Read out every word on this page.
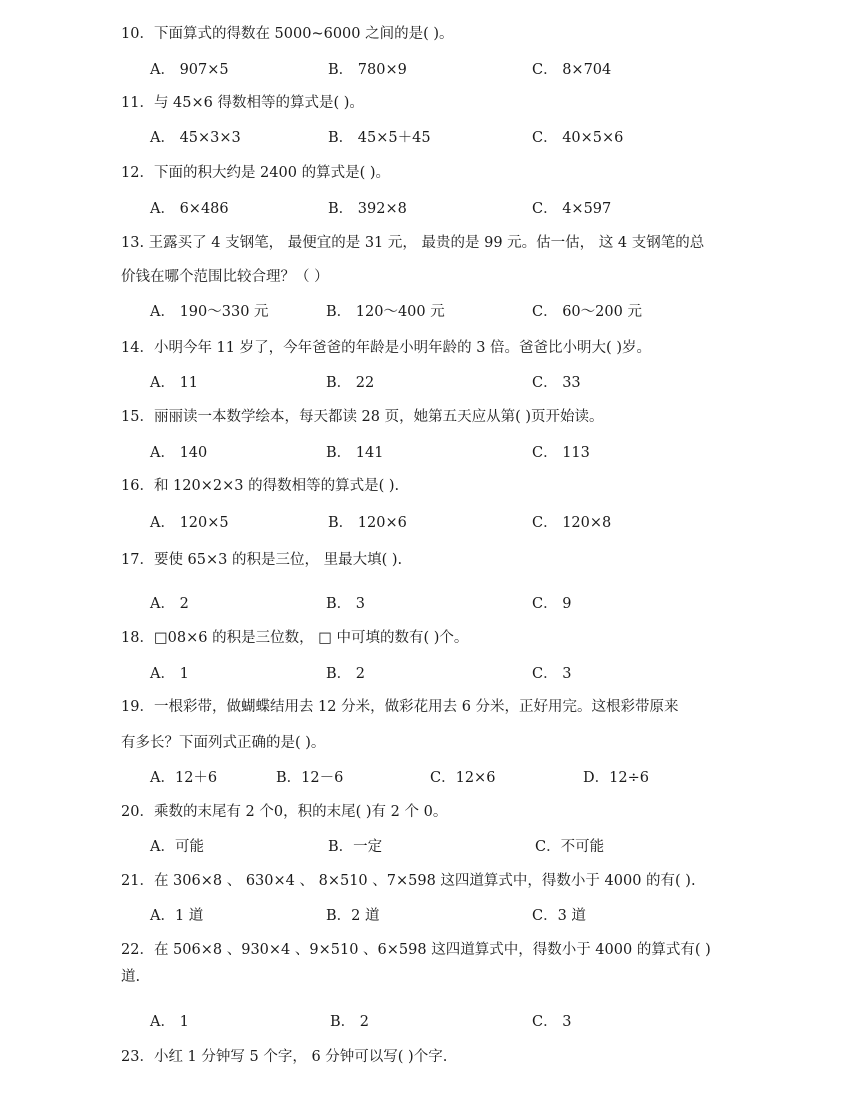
10．下面算式的得数在 5000~6000 之间的是( )。
A． 907×5	B． 780×9	C． 8×704
11．与 45×6 得数相等的算式是( )。
A． 45×3×3	B． 45×5＋45	C． 40×5×6
12．下面的积大约是 2400 的算式是( )。
A． 6×486	B． 392×8	C． 4×597
13. 王露买了 4 支钢笔， 最便宜的是 31 元， 最贵的是 99 元。估一估， 这 4 支钢笔的总
价钱在哪个范围比较合理？（ ）
A． 190～330 元	B． 120～400 元	C． 60～200 元
14．小明今年 11 岁了，今年爸爸的年龄是小明年龄的 3 倍。爸爸比小明大( )岁。
A． 11	B． 22	C． 33
15．丽丽读一本数学绘本，每天都读 28 页，她第五天应从第( )页开始读。
A． 140	B． 141	C． 113
16．和 120×2×3 的得数相等的算式是( ).
A． 120×5	B． 120×6	C． 120×8
17．要使 65×3 的积是三位， 里最大填( ).
A． 2	B． 3	C． 9
18．□08×6 的积是三位数， □ 中可填的数有( )个。
A． 1	B． 2	C． 3
19．一根彩带，做蝴蝶结用去 12 分米，做彩花用去 6 分米，正好用完。这根彩带原来
有多长？下面列式正确的是( )。
A．12＋6	B．12－6	C．12×6	D．12÷6
20．乘数的末尾有 2 个0，积的末尾( )有 2 个 0。
A．可能	B．一定	C．不可能
21．在 306×8 、 630×4 、 8×510 、7×598 这四道算式中，得数小于 4000 的有( ).
A．1 道	B．2 道	C．3 道
22．在 506×8 、930×4 、9×510 、6×598 这四道算式中，得数小于 4000 的算式有( )
道.
A． 1	B． 2	C． 3
23．小红 1 分钟写 5 个字， 6 分钟可以写( )个字.
